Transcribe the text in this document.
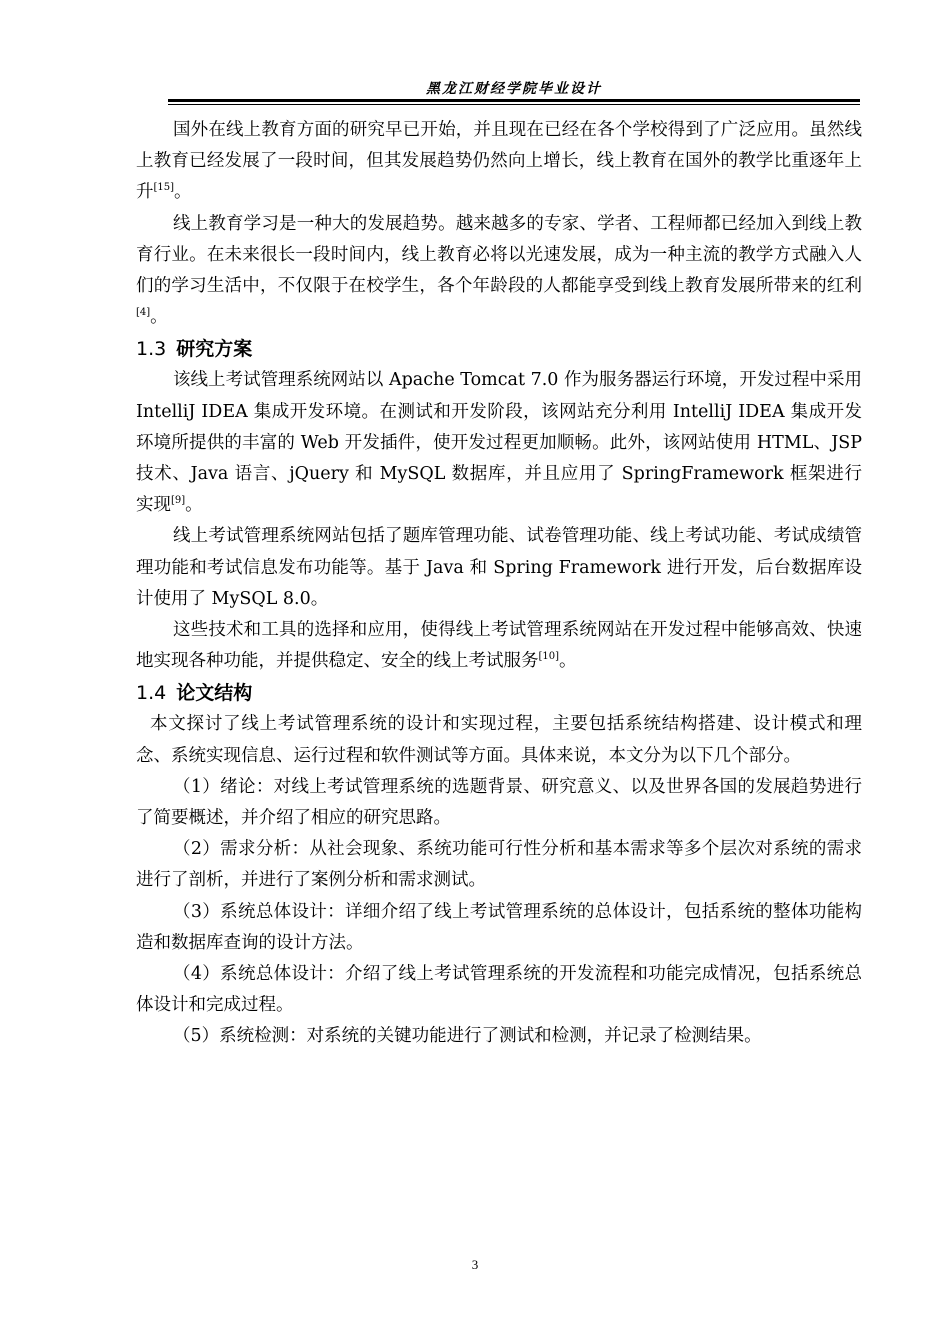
黑龙江财经学院毕业设计

国外在线上教育方面的研究早已开始，并且现在已经在各个学校得到了广泛应用。虽然线上教育已经发展了一段时间，但其发展趋势仍然向上增长，线上教育在国外的教学比重逐年上升[15]。

线上教育学习是一种大的发展趋势。越来越多的专家、学者、工程师都已经加入到线上教育行业。在未来很长一段时间内，线上教育必将以光速发展，成为一种主流的教学方式融入人们的学习生活中，不仅限于在校学生，各个年龄段的人都能享受到线上教育发展所带来的红利[4]。

1.3 研究方案

该线上考试管理系统网站以 Apache Tomcat 7.0 作为服务器运行环境，开发过程中采用 IntelliJ IDEA 集成开发环境。在测试和开发阶段，该网站充分利用 IntelliJ IDEA 集成开发环境所提供的丰富的 Web 开发插件，使开发过程更加顺畅。此外，该网站使用 HTML、JSP 技术、Java 语言、jQuery 和 MySQL 数据库，并且应用了 SpringFramework 框架进行实现[9]。

线上考试管理系统网站包括了题库管理功能、试卷管理功能、线上考试功能、考试成绩管理功能和考试信息发布功能等。基于 Java 和 Spring Framework 进行开发，后台数据库设计使用了 MySQL 8.0。

这些技术和工具的选择和应用，使得线上考试管理系统网站在开发过程中能够高效、快速地实现各种功能，并提供稳定、安全的线上考试服务[10]。

1.4 论文结构

本文探讨了线上考试管理系统的设计和实现过程，主要包括系统结构搭建、设计模式和理念、系统实现信息、运行过程和软件测试等方面。具体来说，本文分为以下几个部分。

（1）绪论：对线上考试管理系统的选题背景、研究意义、以及世界各国的发展趋势进行了简要概述，并介绍了相应的研究思路。

（2）需求分析：从社会现象、系统功能可行性分析和基本需求等多个层次对系统的需求进行了剖析，并进行了案例分析和需求测试。

（3）系统总体设计：详细介绍了线上考试管理系统的总体设计，包括系统的整体功能构造和数据库查询的设计方法。

（4）系统总体设计：介绍了线上考试管理系统的开发流程和功能完成情况，包括系统总体设计和完成过程。

（5）系统检测：对系统的关键功能进行了测试和检测，并记录了检测结果。

3
